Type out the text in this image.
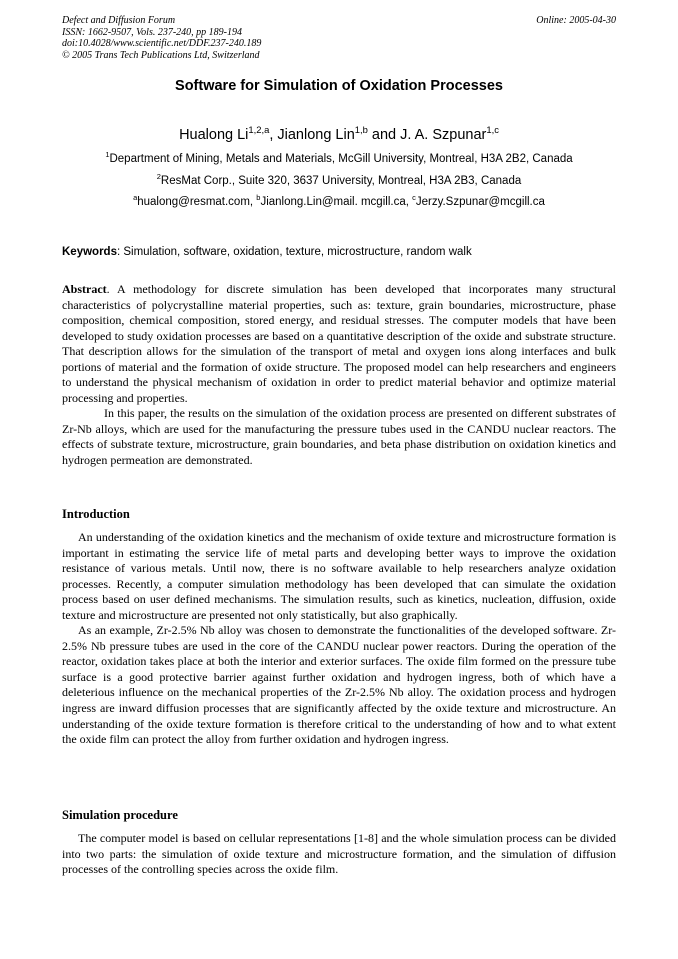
Defect and Diffusion Forum
ISSN: 1662-9507, Vols. 237-240, pp 189-194
doi:10.4028/www.scientific.net/DDF.237-240.189
© 2005 Trans Tech Publications Ltd, Switzerland
Online: 2005-04-30
Software for Simulation of Oxidation Processes
Hualong Li$^{1,2,a}$, Jianlong Lin$^{1,b}$ and J. A. Szpunar$^{1,c}$
$^1$Department of Mining, Metals and Materials, McGill University, Montreal, H3A 2B2, Canada
$^2$ResMat Corp., Suite 320, 3637 University, Montreal, H3A 2B3, Canada
$^a$hualong@resmat.com, $^b$Jianlong.Lin@mail. mcgill.ca, $^c$Jerzy.Szpunar@mcgill.ca
Keywords: Simulation, software, oxidation, texture, microstructure, random walk

Abstract. A methodology for discrete simulation has been developed that incorporates many structural characteristics of polycrystalline material properties, such as: texture, grain boundaries, microstructure, phase composition, chemical composition, stored energy, and residual stresses. The computer models that have been developed to study oxidation processes are based on a quantitative description of the oxide and substrate structure. That description allows for the simulation of the transport of metal and oxygen ions along interfaces and bulk portions of material and the formation of oxide structure. The proposed model can help researchers and engineers to understand the physical mechanism of oxidation in order to predict material behavior and optimize material processing and properties.

In this paper, the results on the simulation of the oxidation process are presented on different substrates of Zr-Nb alloys, which are used for the manufacturing the pressure tubes used in the CANDU nuclear reactors. The effects of substrate texture, microstructure, grain boundaries, and beta phase distribution on oxidation kinetics and hydrogen permeation are demonstrated.

Introduction

An understanding of the oxidation kinetics and the mechanism of oxide texture and microstructure formation is important in estimating the service life of metal parts and developing better ways to improve the oxidation resistance of various metals. Until now, there is no software available to help researchers analyze oxidation processes. Recently, a computer simulation methodology has been developed that can simulate the oxidation process based on user defined mechanisms. The simulation results, such as kinetics, nucleation, diffusion, oxide texture and microstructure are presented not only statistically, but also graphically.

As an example, Zr-2.5% Nb alloy was chosen to demonstrate the functionalities of the developed software. Zr-2.5% Nb pressure tubes are used in the core of the CANDU nuclear power reactors. During the operation of the reactor, oxidation takes place at both the interior and exterior surfaces. The oxide film formed on the pressure tube surface is a good protective barrier against further oxidation and hydrogen ingress, both of which have a deleterious influence on the mechanical properties of the Zr-2.5% Nb alloy. The oxidation process and hydrogen ingress are inward diffusion processes that are significantly affected by the oxide texture and microstructure. An understanding of the oxide texture formation is therefore critical to the understanding of how and to what extent the oxide film can protect the alloy from further oxidation and hydrogen ingress.

Simulation procedure

The computer model is based on cellular representations [1-8] and the whole simulation process can be divided into two parts: the simulation of oxide texture and microstructure formation, and the simulation of diffusion processes of the controlling species across the oxide film.
